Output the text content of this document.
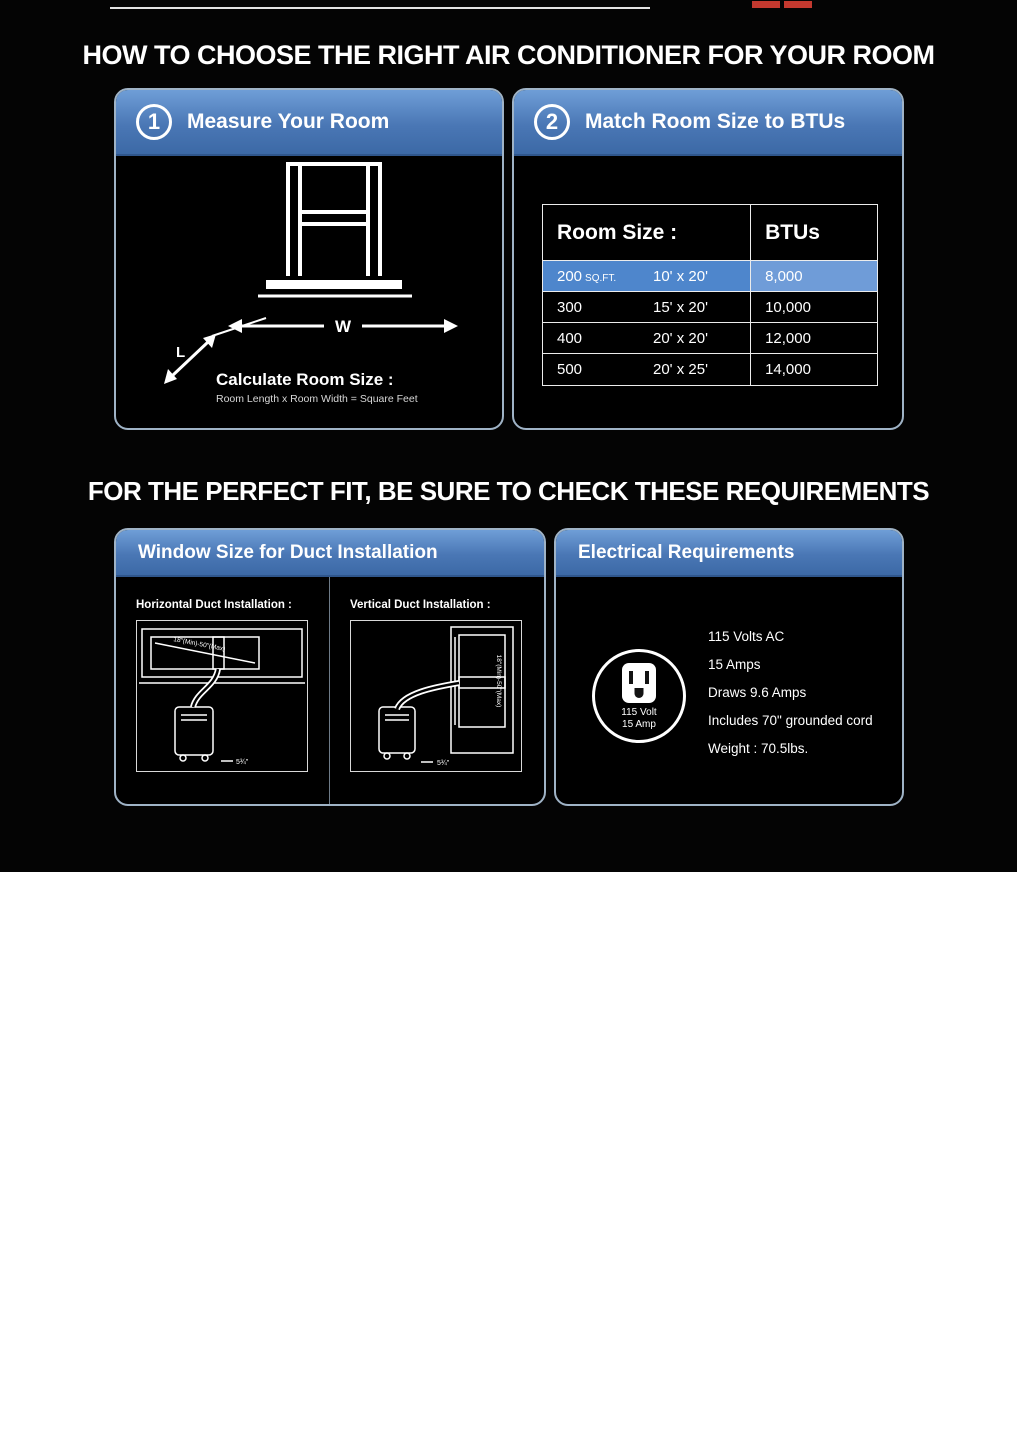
HOW TO CHOOSE THE RIGHT AIR CONDITIONER FOR YOUR ROOM
1	Measure Your Room
W
L
Calculate Room Size :
Room Length x Room Width = Square Feet
2	Match Room Size to BTUs
Room Size :	BTUs
200 SQ.FT. 10' x 20'	8,000
300	15' x 20'	10,000
400	20' x 20'	12,000
500	20' x 25'	14,000
FOR THE PERFECT FIT, BE SURE TO CHECK THESE REQUIREMENTS
Window Size for Duct Installation
Horizontal Duct Installation :
18"(Min)-50"(Max)
5¾"
Vertical Duct Installation :
18"(Min)-50"(Max)
5¾"
Electrical Requirements
115 Volt
15 Amp
115 Volts AC
15 Amps
Draws 9.6 Amps
Includes 70" grounded cord
Weight : 70.5lbs.
